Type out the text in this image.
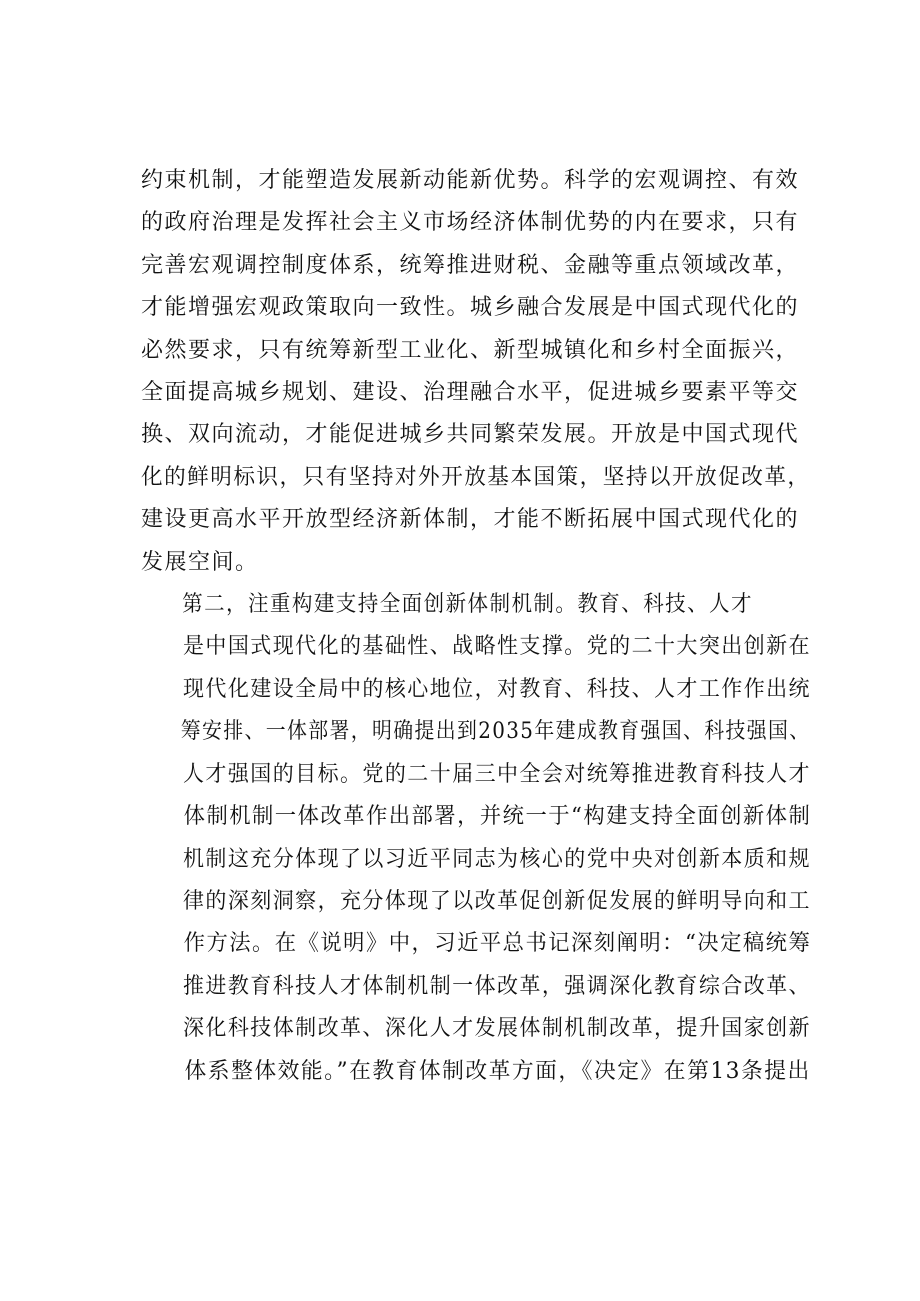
约束机制，才能塑造发展新动能新优势。科学的宏观调控、有效
的政府治理是发挥社会主义市场经济体制优势的内在要求，只有
完善宏观调控制度体系，统筹推进财税、金融等重点领域改革，
才能增强宏观政策取向一致性。城乡融合发展是中国式现代化的
必然要求，只有统筹新型工业化、新型城镇化和乡村全面振兴，
全面提高城乡规划、建设、治理融合水平，促进城乡要素平等交
换、双向流动，才能促进城乡共同繁荣发展。开放是中国式现代
化的鲜明标识，只有坚持对外开放基本国策，坚持以开放促改革，
建设更高水平开放型经济新体制，才能不断拓展中国式现代化的
发展空间。

第二，注重构建支持全面创新体制机制。教育、科技、人才
是中国式现代化的基础性、战略性支撑。党的二十大突出创新在
现代化建设全局中的核心地位，对教育、科技、人才工作作出统
筹安排、一体部署，明确提出到2035年建成教育强国、科技强国、
人才强国的目标。党的二十届三中全会对统筹推进教育科技人才
体制机制一体改革作出部署，并统一于“构建支持全面创新体制
机制这充分体现了以习近平同志为核心的党中央对创新本质和规
律的深刻洞察，充分体现了以改革促创新促发展的鲜明导向和工
作方法。在《说明》中，习近平总书记深刻阐明：“决定稿统筹
推进教育科技人才体制机制一体改革，强调深化教育综合改革、
深化科技体制改革、深化人才发展体制机制改革，提升国家创新
体系整体效能。”在教育体制改革方面，《决定》在第13条提出
